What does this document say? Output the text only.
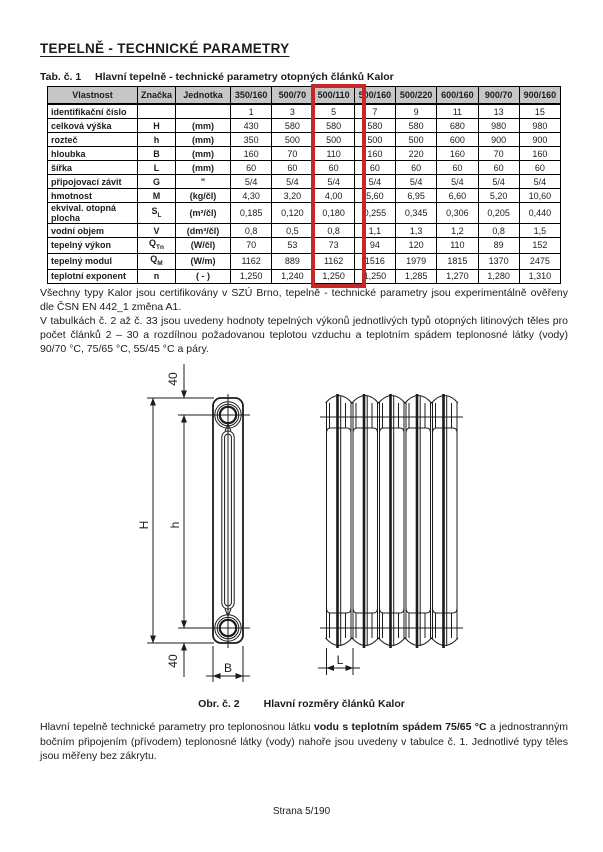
TEPELNĚ - TECHNICKÉ PARAMETRY
Tab. č. 1	Hlavní tepelně - technické parametry otopných článků Kalor
Vlastnost	Značka	Jednotka	350/160	500/70	500/110	500/160	500/220	600/160	900/70	900/160
identifikační číslo			1	3	5	7	9	11	13	15
celková výška	H	(mm)	430	580	580	580	580	680	980	980
rozteč	h	(mm)	350	500	500	500	500	600	900	900
hloubka	B	(mm)	160	70	110	160	220	160	70	160
šířka	L	(mm)	60	60	60	60	60	60	60	60
připojovací závit	G	"	5/4	5/4	5/4	5/4	5/4	5/4	5/4	5/4
hmotnost	M	(kg/čl)	4,30	3,20	4,00	5,60	6,95	6,60	5,20	10,60
ekvival. otopná plocha	$S_L$	(m²/čl)	0,185	0,120	0,180	0,255	0,345	0,306	0,205	0,440
vodní objem	V	(dm³/čl)	0,8	0,5	0,8	1,1	1,3	1,2	0,8	1,5
tepelný výkon	$Q_{Tn}$	(W/čl)	70	53	73	94	120	110	89	152
tepelný modul	$Q_M$	(W/m)	1162	889	1162	1516	1979	1815	1370	2475
teplotní exponent	n	( - )	1,250	1,240	1,250	1,250	1,285	1,270	1,280	1,310
Všechny typy Kalor jsou certifikovány v SZÚ Brno, tepelně - technické parametry jsou experimentálně ověřeny dle ČSN EN 442_1 změna A1.
V tabulkách č. 2 až č. 33 jsou uvedeny hodnoty tepelných výkonů jednotlivých typů otopných litinových těles pro počet článků 2 – 30 a rozdílnou požadovanou teplotou vzduchu a teplotním spádem teplonosné látky (vody) 90/70 °C, 75/65 °C, 55/45 °C a páry.
H h
40
40	B
L
Obr. č. 2 Hlavní rozměry článků Kalor
Hlavní tepelně technické parametry pro teplonosnou látku vodu s teplotním spádem 75/65 °C a jednostranným bočním připojením (přívodem) teplonosné látky (vody) nahoře jsou uvedeny v tabulce č. 1. Jednotlivé typy těles jsou měřeny bez zákrytu.
Strana 5/190
